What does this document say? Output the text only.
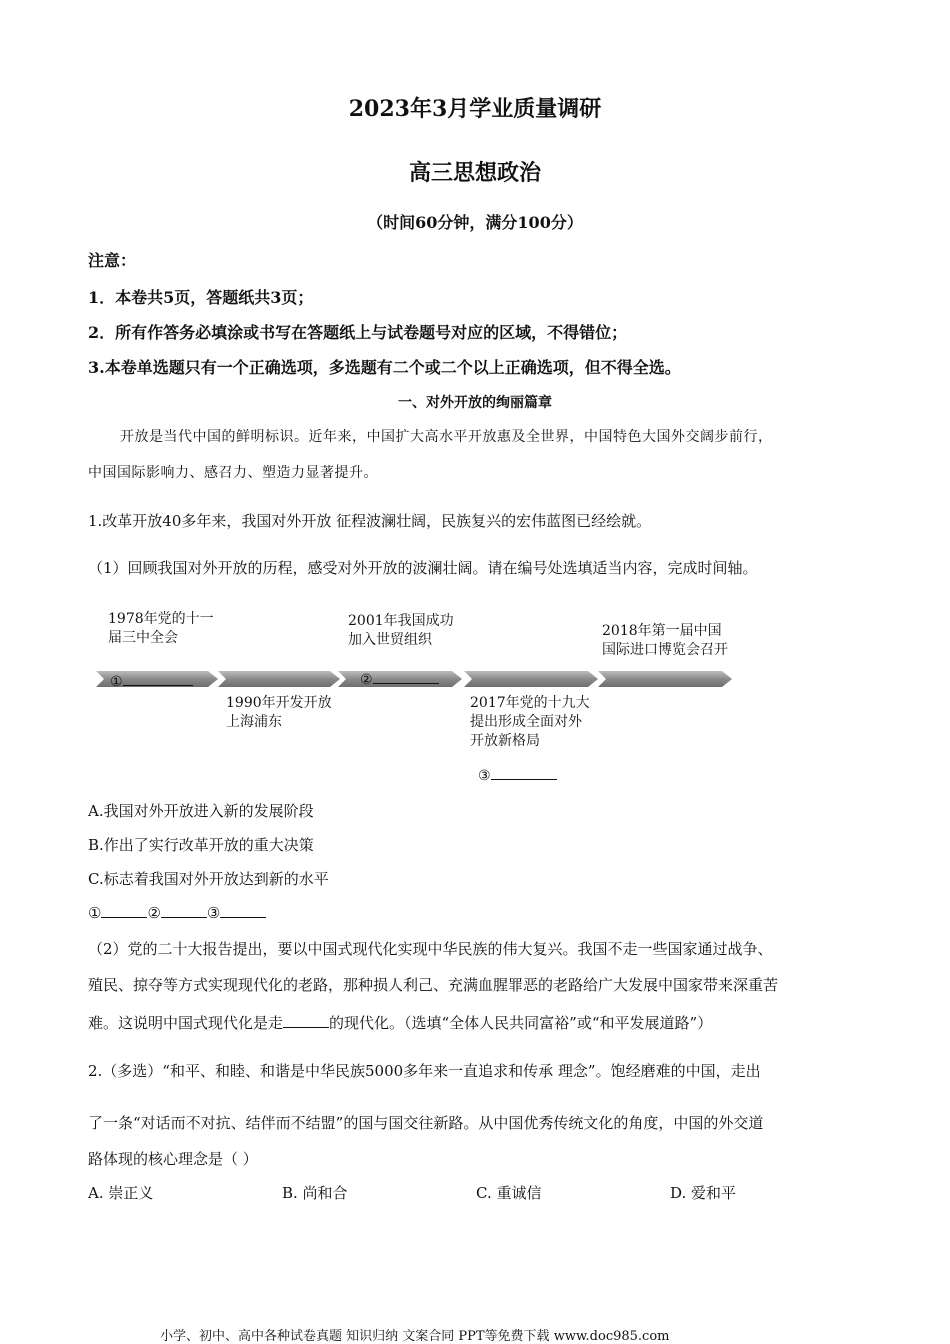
2023年3月学业质量调研
高三思想政治
（时间60分钟，满分100分）
注意：
1．本卷共5页，答题纸共3页；
2．所有作答务必填涂或书写在答题纸上与试卷题号对应的区域，不得错位；
3.本卷单选题只有一个正确选项，多选题有二个或二个以上正确选项，但不得全选。
一、对外开放的绚丽篇章
开放是当代中国的鲜明标识。近年来，中国扩大高水平开放惠及全世界，中国特色大国外交阔步前行，
中国国际影响力、感召力、塑造力显著提升。
1.改革开放40多年来，我国对外开放 征程波澜壮阔，民族复兴的宏伟蓝图已经绘就。
（1）回顾我国对外开放的历程，感受对外开放的波澜壮阔。请在编号处选填适当内容，完成时间轴。
1978年党的十一
届三中全会

①

1990年开发开放
上海浦东
2001年我国成功
加入世贸组织

②

2017年党的十九大
提出形成全面对外
开放新格局

③

2018年第一届中国
国际进口博览会召开
A.我国对外开放进入新的发展阶段
B.作出了实行改革开放的重大决策
C.标志着我国对外开放达到新的水平
①	②	③
（2）党的二十大报告提出，要以中国式现代化实现中华民族的伟大复兴。我国不走一些国家通过战争、
殖民、掠夺等方式实现现代化的老路，那种损人利己、充满血腥罪恶的老路给广大发展中国家带来深重苦
难。这说明中国式现代化是走	的现代化。（选填“全体人民共同富裕”或“和平发展道路”）
2.（多选）“和平、和睦、和谐是中华民族5000多年来一直追求和传承 理念”。饱经磨难的中国，走出
了一条“对话而不对抗、结伴而不结盟”的国与国交往新路。从中国优秀传统文化的角度，中国的外交道
路体现的核心理念是（ ）
A. 崇正义	B. 尚和合	C. 重诚信	D. 爱和平
小学、初中、高中各种试卷真题 知识归纳 文案合同 PPT等免费下载 www.doc985.com
